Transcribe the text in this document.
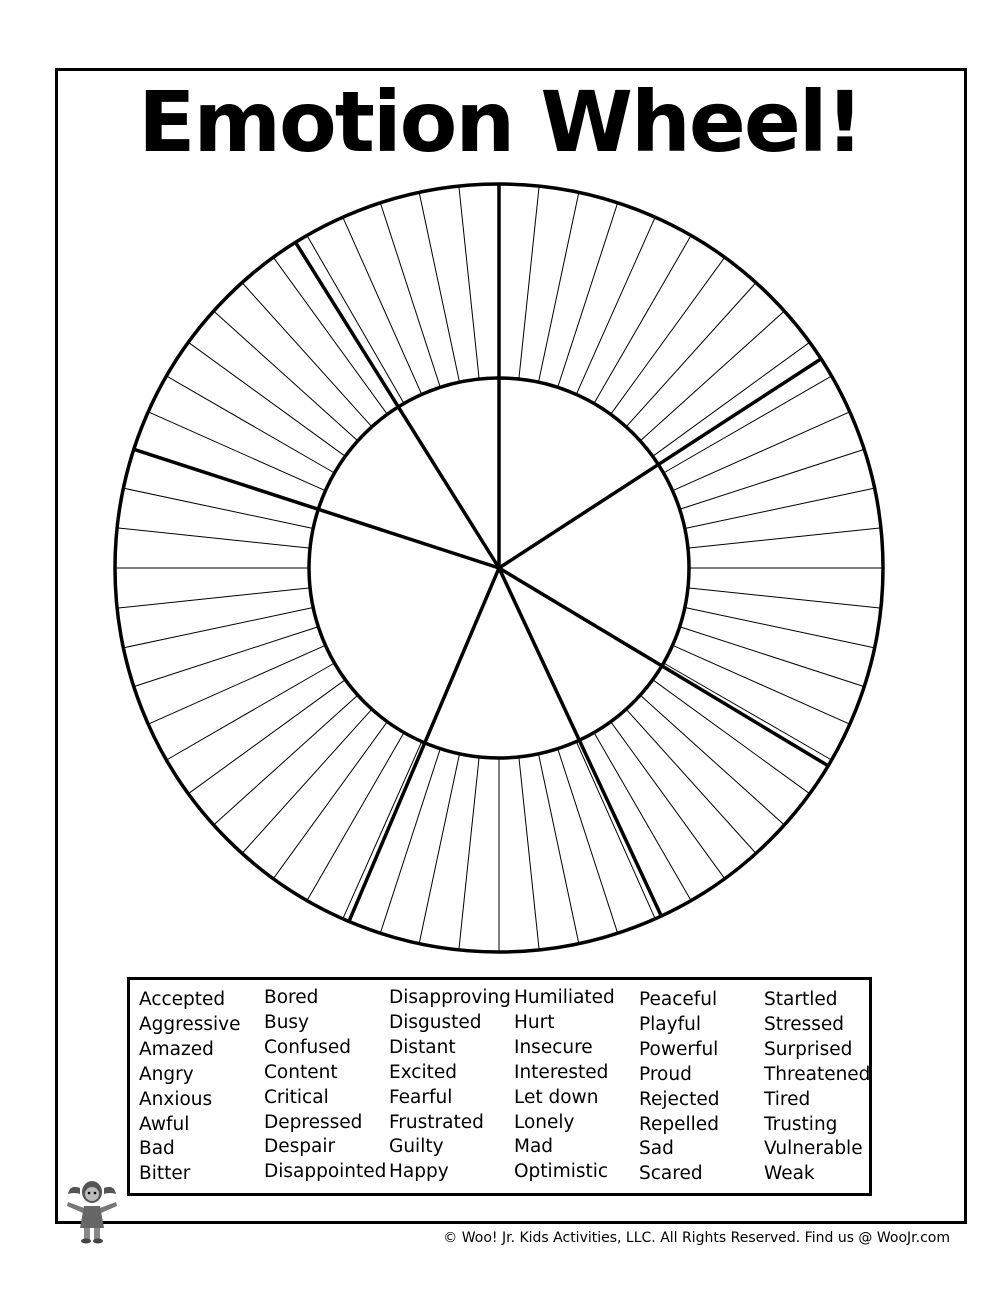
Emotion Wheel!
Accepted
Aggressive
Amazed
Angry
Anxious
Awful
Bad
Bitter
Bored
Busy
Confused
Content
Critical
Depressed
Despair
Disappointed
Disapproving
Disgusted
Distant
Excited
Fearful
Frustrated
Guilty
Happy
Humiliated
Hurt
Insecure
Interested
Let down
Lonely
Mad
Optimistic
Peaceful
Playful
Powerful
Proud
Rejected
Repelled
Sad
Scared
Startled
Stressed
Surprised
Threatened
Tired
Trusting
Vulnerable
Weak
© Woo! Jr. Kids Activities, LLC. All Rights Reserved. Find us @ WooJr.com
